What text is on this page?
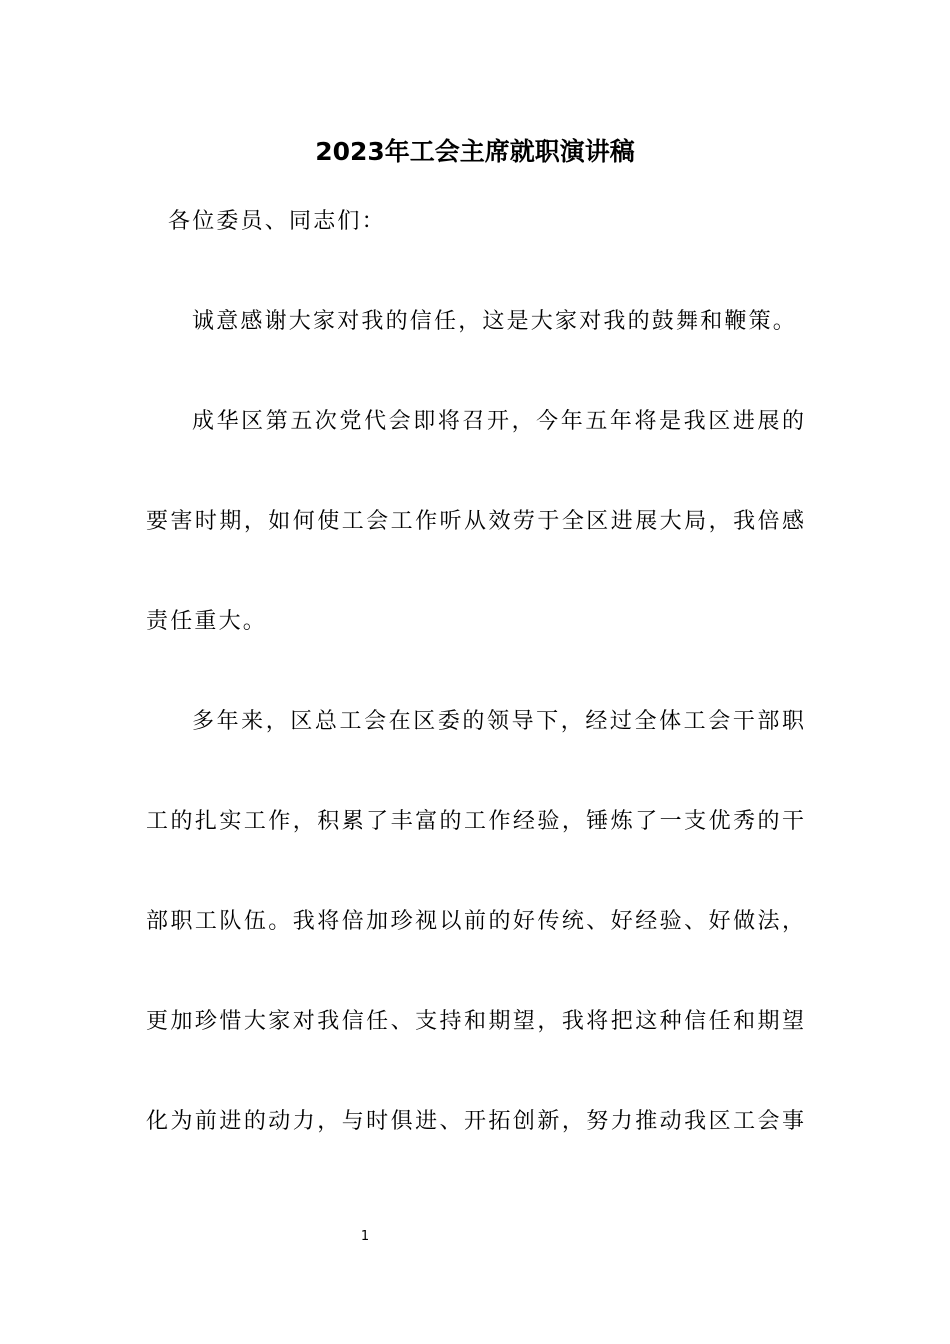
2023年工会主席就职演讲稿
各位委员、同志们：
诚意感谢大家对我的信任，这是大家对我的鼓舞和鞭策。
成华区第五次党代会即将召开，今年五年将是我区进展的
要害时期，如何使工会工作听从效劳于全区进展大局，我倍感
责任重大。
多年来，区总工会在区委的领导下，经过全体工会干部职
工的扎实工作，积累了丰富的工作经验，锤炼了一支优秀的干
部职工队伍。我将倍加珍视以前的好传统、好经验、好做法，
更加珍惜大家对我信任、支持和期望，我将把这种信任和期望
化为前进的动力，与时俱进、开拓创新，努力推动我区工会事
1
